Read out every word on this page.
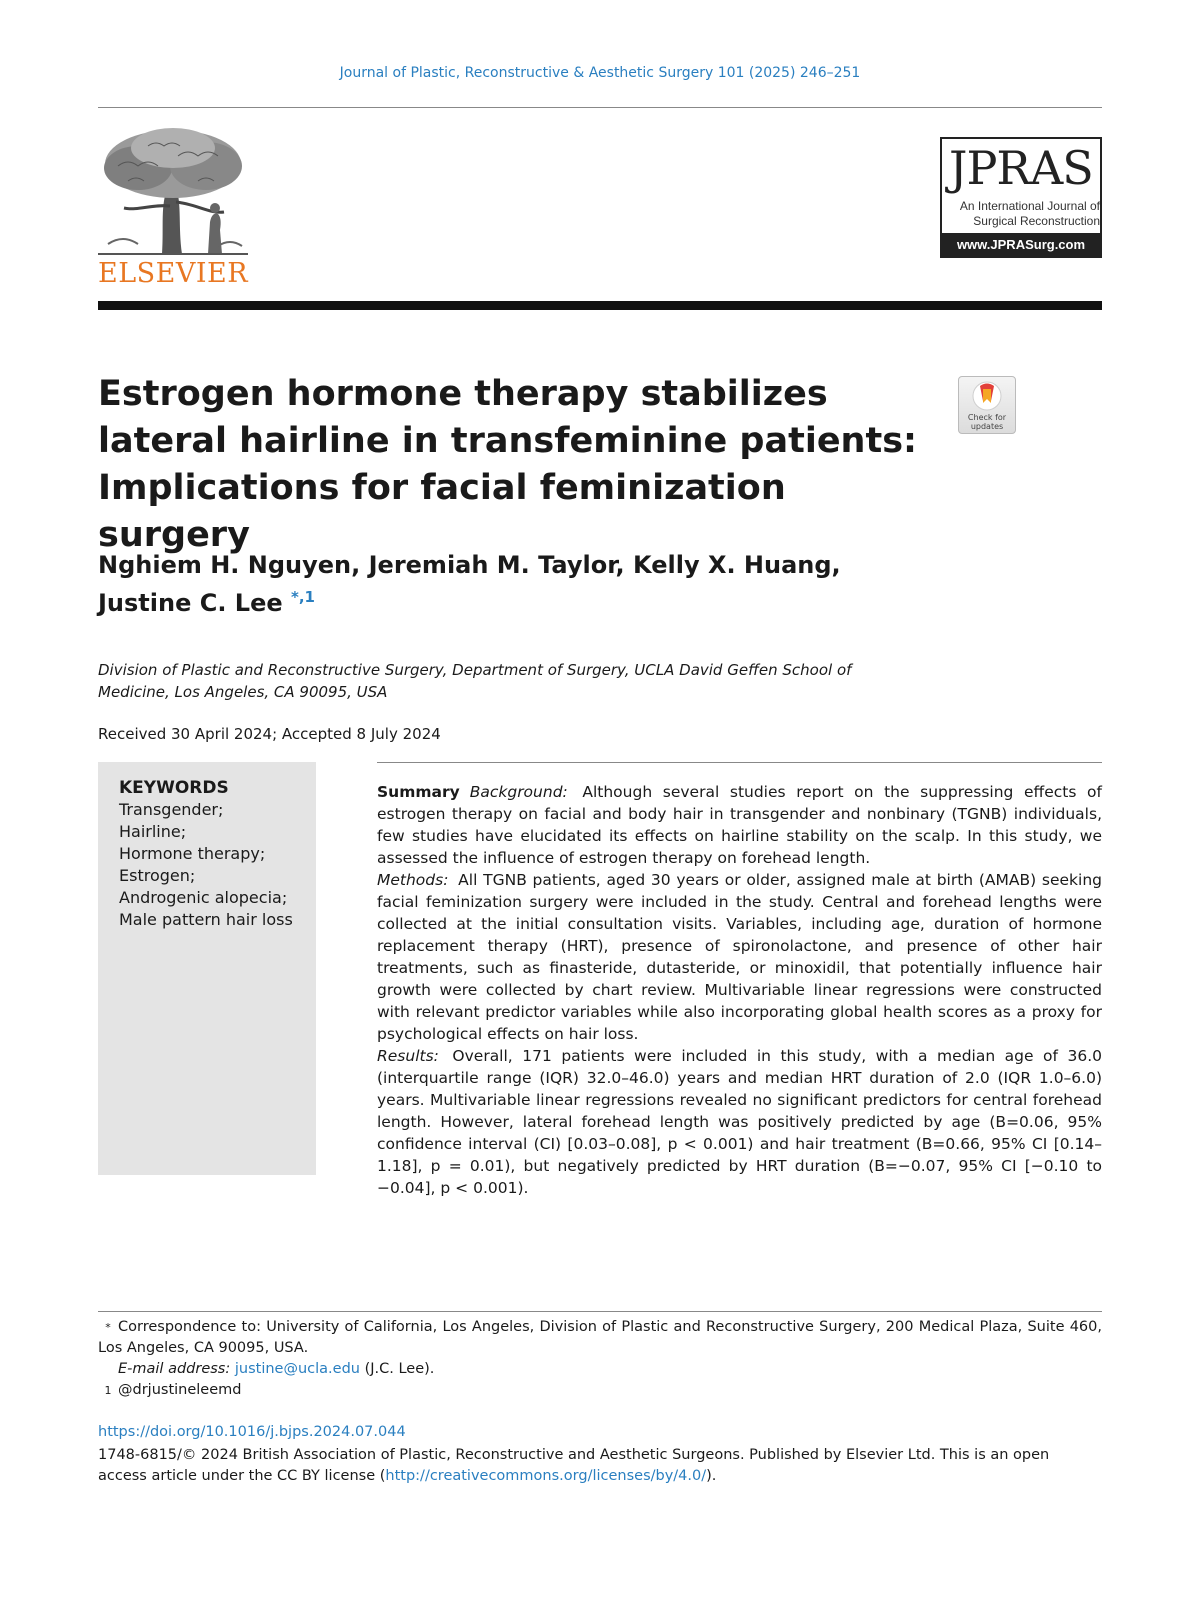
Journal of Plastic, Reconstructive & Aesthetic Surgery 101 (2025) 246–251
ELSEVIER
JPRAS
An International Journal of
Surgical Reconstruction
www.JPRASurg.com
Estrogen hormone therapy stabilizes lateral hairline in transfeminine patients: Implications for facial feminization surgery
Check for updates
Nghiem H. Nguyen, Jeremiah M. Taylor, Kelly X. Huang,
Justine C. Lee $^{*,1}$
Division of Plastic and Reconstructive Surgery, Department of Surgery, UCLA David Geffen School of Medicine, Los Angeles, CA 90095, USA
Received 30 April 2024; Accepted 8 July 2024
KEYWORDS
Transgender;
Hairline;
Hormone therapy;
Estrogen;
Androgenic alopecia;
Male pattern hair loss

Summary Background: Although several studies report on the suppressing effects of estrogen therapy on facial and body hair in transgender and nonbinary (TGNB) individuals, few studies have elucidated its effects on hairline stability on the scalp. In this study, we assessed the influence of estrogen therapy on forehead length.

Methods: All TGNB patients, aged 30 years or older, assigned male at birth (AMAB) seeking facial feminization surgery were included in the study. Central and forehead lengths were collected at the initial consultation visits. Variables, including age, duration of hormone replacement therapy (HRT), presence of spironolactone, and presence of other hair treatments, such as finasteride, dutasteride, or minoxidil, that potentially influence hair growth were collected by chart review. Multivariable linear regressions were constructed with relevant predictor variables while also incorporating global health scores as a proxy for psychological effects on hair loss.

Results: Overall, 171 patients were included in this study, with a median age of 36.0 (interquartile range (IQR) 32.0–46.0) years and median HRT duration of 2.0 (IQR 1.0–6.0) years. Multivariable linear regressions revealed no significant predictors for central forehead length. However, lateral forehead length was positively predicted by age (B=0.06, 95% confidence interval (CI) [0.03–0.08], p < 0.001) and hair treatment (B=0.66, 95% CI [0.14–1.18], p = 0.01), but negatively predicted by HRT duration (B=−0.07, 95% CI [−0.10 to −0.04], p < 0.001).

* Correspondence to: University of California, Los Angeles, Division of Plastic and Reconstructive Surgery, 200 Medical Plaza, Suite 460, Los Angeles, CA 90095, USA.

E-mail address: justine@ucla.edu (J.C. Lee).

1 @drjustineleemd

https://doi.org/10.1016/j.bjps.2024.07.044
1748-6815/© 2024 British Association of Plastic, Reconstructive and Aesthetic Surgeons. Published by Elsevier Ltd. This is an open access article under the CC BY license (http://creativecommons.org/licenses/by/4.0/).
